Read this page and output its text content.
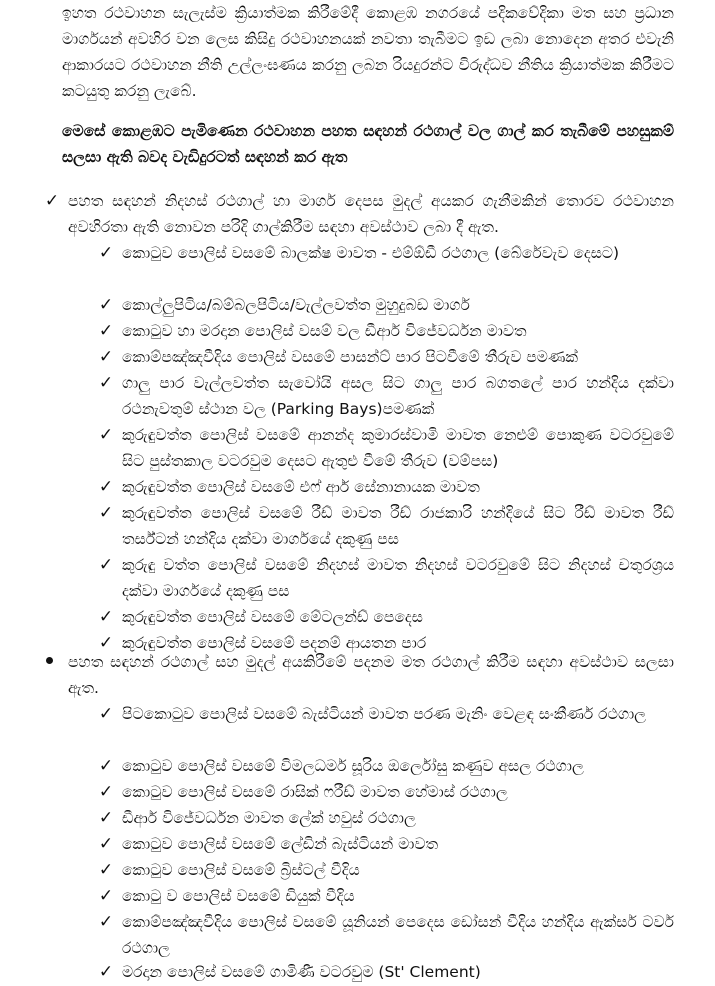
ඉහත රථවාහන සැලැස්ම ක්‍රියාත්මක කිරීමේදී කොළඹ නගරයේ පදිකවේදිකා මත සහ ප්‍රධාන මාර්ගයන් අවහිර වන ලෙස කිසිදු රථවාහනයක් නවතා තැබීමට ඉඩ ලබා නොදෙන අතර එවැනි ආකාරයට රථවාහන නීති උල්ලංඝණය කරනු ලබන රියදුරන්ට විරුද්ධව නීතිය ක්‍රියාත්මක කිරීමට කටයුතු කරනු ලැබේ.

මෙසේ කොළඹට පැමිණෙන රථවාහන පහත සඳහන් රථගාල් වල ගාල් කර තැබීමේ පහසුකම් සලසා ඇති බවද වැඩිදුරටත් සඳහන් කර ඇත

✓ පහත සඳහන් නිදහස් රථගාල් හා මාර්ග දෙපස මුදල් අයකර ගැනීමකින් තොරව රථවාහන අවහිරතා ඇති නොවන පරිදි ගාල්කිරීම සඳහා අවස්ථාව ලබා දී ඇත.
✓ කොටුව පොලිස් වසමේ බාලක්ෂ මාවත - එම්ඕඩී රථගාල (බේරේවැව දෙසට)
✓ කොල්ලුපිටිය/බම්බලපිටිය/වැල්ලවත්ත මුහුදුබඩ මාර්ග
✓ කොටුව හා මරදාන පොලිස් වසම් වල ඩීආර් විජේවර්ධන මාවත
✓ කොම්පඤ්ඤවීදිය පොලිස් වසමේ පාසන්ට් පාර පිටවීමේ තීරුව පමණක්
✓ ගාලු පාර වැල්ලවත්ත සැවෝයි අසල සිට ගාලු පාර බගතලේ පාර හන්දිය දක්වා රථනැවතුම් ස්ථාන වල (Parking Bays)පමණක්
✓ කුරුඳුවත්ත පොලිස් වසමේ ආනන්ද කුමාරස්වාමි මාවත නෙළුම් පොකුණ වටරවුමේ සිට පුස්තකාල වටරවුම දෙසට ඇතුළු වීමේ තීරුව (වම්පස)
✓ කුරුඳුවත්ත පොලිස් වසමේ එෆ් ආර් සේනානායක මාවත
✓ කුරුඳුවත්ත පොලිස් වසමේ රීඩ් මාවත රීඩ් රාජකාරි හන්දියේ සිට රීඩ් මාවත රීඩ් තර්ස්ටන් හන්දිය දක්වා මාර්ගයේ දකුණු පස
✓ කුරුඳු වත්ත පොලිස් වසමේ නිදහස් මාවත නිදහස් වටරවුමේ සිට නිදහස් චතුරශ්‍රය දක්වා මාර්ගයේ දකුණු පස
✓ කුරුඳුවත්ත පොලිස් වසමේ මේටලන්ඩ් පෙදෙස
✓ කුරුඳුවත්ත පොලිස් වසමේ පදනම් ආයතන පාර
පහත සඳහන් රථගාල් සහ මුදල් අයකිරීමේ පදනම මත රථගාල් කිරීම සඳහා අවස්ථාව සලසා ඇත.
✓ පිටකොටුව පොලිස් වසමේ බැස්ටියන් මාවත පරණ මැනිං වෙළඳ සංකීර්ණ රථගාල
✓ කොටුව පොලිස් වසමේ විමලධර්ම සූරිය ඔර්ලෝසු කණුව අසල රථගාල
✓ කොටුව පොලිස් වසමේ රාසික් ෆරීඩ් මාවත හේමාස් රථගාල
✓ ඩීආර් විජේවර්ධන මාවත ලේක් හවුස් රථගාල
✓ කොටුව පොලිස් වසමේ ලේඩින් බැස්ටියන් මාවත
✓ කොටුව පොලිස් වසමේ බ්‍රිස්ටල් වීදිය
✓ කොටු ව පොලිස් වසමේ ඩියුක් වීදිය
✓ කොම්පඤ්ඤවීදිය පොලිස් වසමේ යූනියන් පෙදෙස ඩෝසන් වීදිය හන්දිය ඇක්සර් ටවර් රථගාල
✓ මරදාන පොලිස් වසමේ ගාමිණී වටරවුම (St' Clement)
